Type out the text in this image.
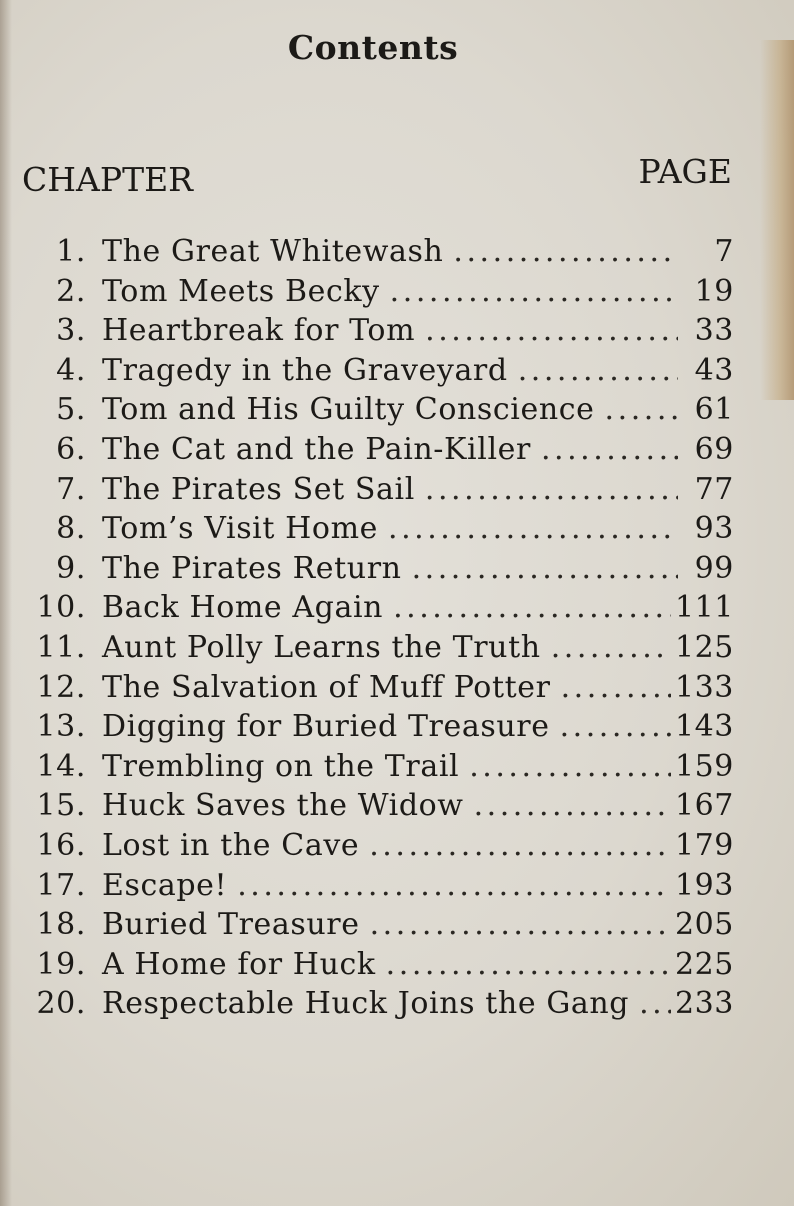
Contents
CHAPTER	PAGE
1. The Great Whitewash . . .	7
2. Tom Meets Becky . . .	19
3. Heartbreak for Tom . . .	33
4. Tragedy in the Graveyard . . .	43
5. Tom and His Guilty Conscience . . .	61
6. The Cat and the Pain-Killer . . .	69
7. The Pirates Set Sail . . .	77
8. Tom’s Visit Home . . .	93
9. The Pirates Return . . .	99
10. Back Home Again . . .	111
11. Aunt Polly Learns the Truth . . .	125
12. The Salvation of Muff Potter . . .	133
13. Digging for Buried Treasure . . .	143
14. Trembling on the Trail . . .	159
15. Huck Saves the Widow . . .	167
16. Lost in the Cave . . .	179
17. Escape! . . .	193
18. Buried Treasure . . .	205
19. A Home for Huck . . .	225
20. Respectable Huck Joins the Gang . . . 233
